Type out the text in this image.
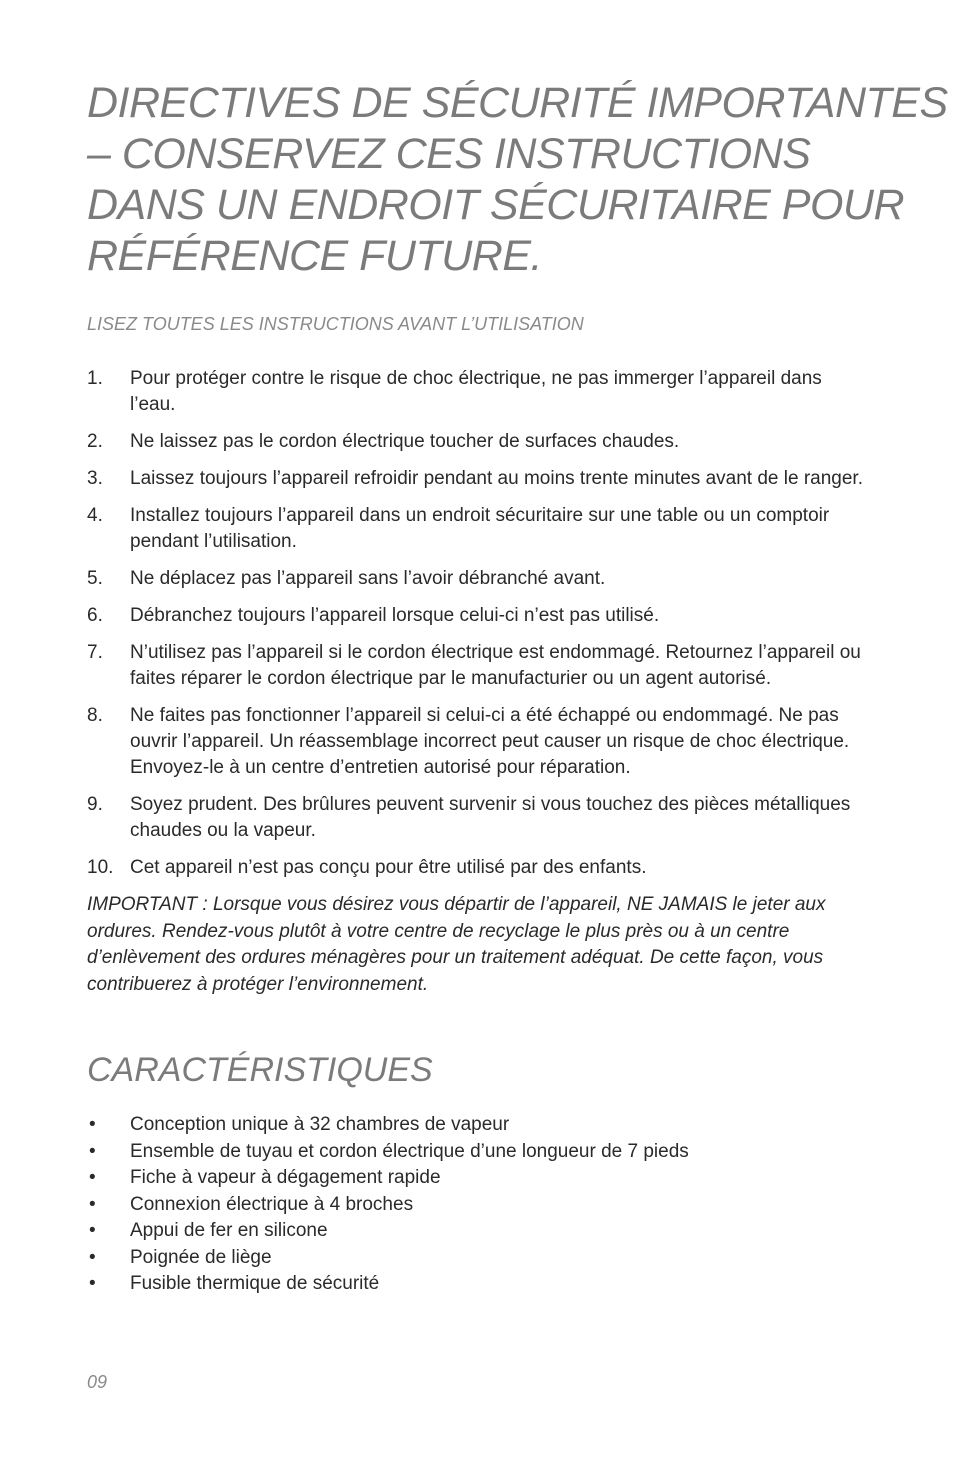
DIRECTIVES DE SÉCURITÉ IMPORTANTES
– CONSERVEZ CES INSTRUCTIONS
DANS UN ENDROIT SÉCURITAIRE POUR
RÉFÉRENCE FUTURE.

LISEZ TOUTES LES INSTRUCTIONS AVANT L’UTILISATION

1. Pour protéger contre le risque de choc électrique, ne pas immerger l’appareil dans l’eau.
2. Ne laissez pas le cordon électrique toucher de surfaces chaudes.
3. Laissez toujours l’appareil refroidir pendant au moins trente minutes avant de le ranger.
4. Installez toujours l’appareil dans un endroit sécuritaire sur une table ou un comptoir pendant l’utilisation.
5. Ne déplacez pas l’appareil sans l’avoir débranché avant.
6. Débranchez toujours l’appareil lorsque celui-ci n’est pas utilisé.
7. N’utilisez pas l’appareil si le cordon électrique est endommagé. Retournez l’appareil ou faites réparer le cordon électrique par le manufacturier ou un agent autorisé.
8. Ne faites pas fonctionner l’appareil si celui-ci a été échappé ou endommagé. Ne pas ouvrir l’appareil. Un réassemblage incorrect peut causer un risque de choc électrique. Envoyez-le à un centre d’entretien autorisé pour réparation.
9. Soyez prudent. Des brûlures peuvent survenir si vous touchez des pièces métalliques chaudes ou la vapeur.
10. Cet appareil n’est pas conçu pour être utilisé par des enfants.

IMPORTANT : Lorsque vous désirez vous départir de l’appareil, NE JAMAIS le jeter aux ordures. Rendez-vous plutôt à votre centre de recyclage le plus près ou à un centre d’enlèvement des ordures ménagères pour un traitement adéquat. De cette façon, vous contribuerez à protéger l’environnement.

CARACTÉRISTIQUES
• Conception unique à 32 chambres de vapeur
• Ensemble de tuyau et cordon électrique d’une longueur de 7 pieds
• Fiche à vapeur à dégagement rapide
• Connexion électrique à 4 broches
• Appui de fer en silicone
• Poignée de liège
• Fusible thermique de sécurité
09
